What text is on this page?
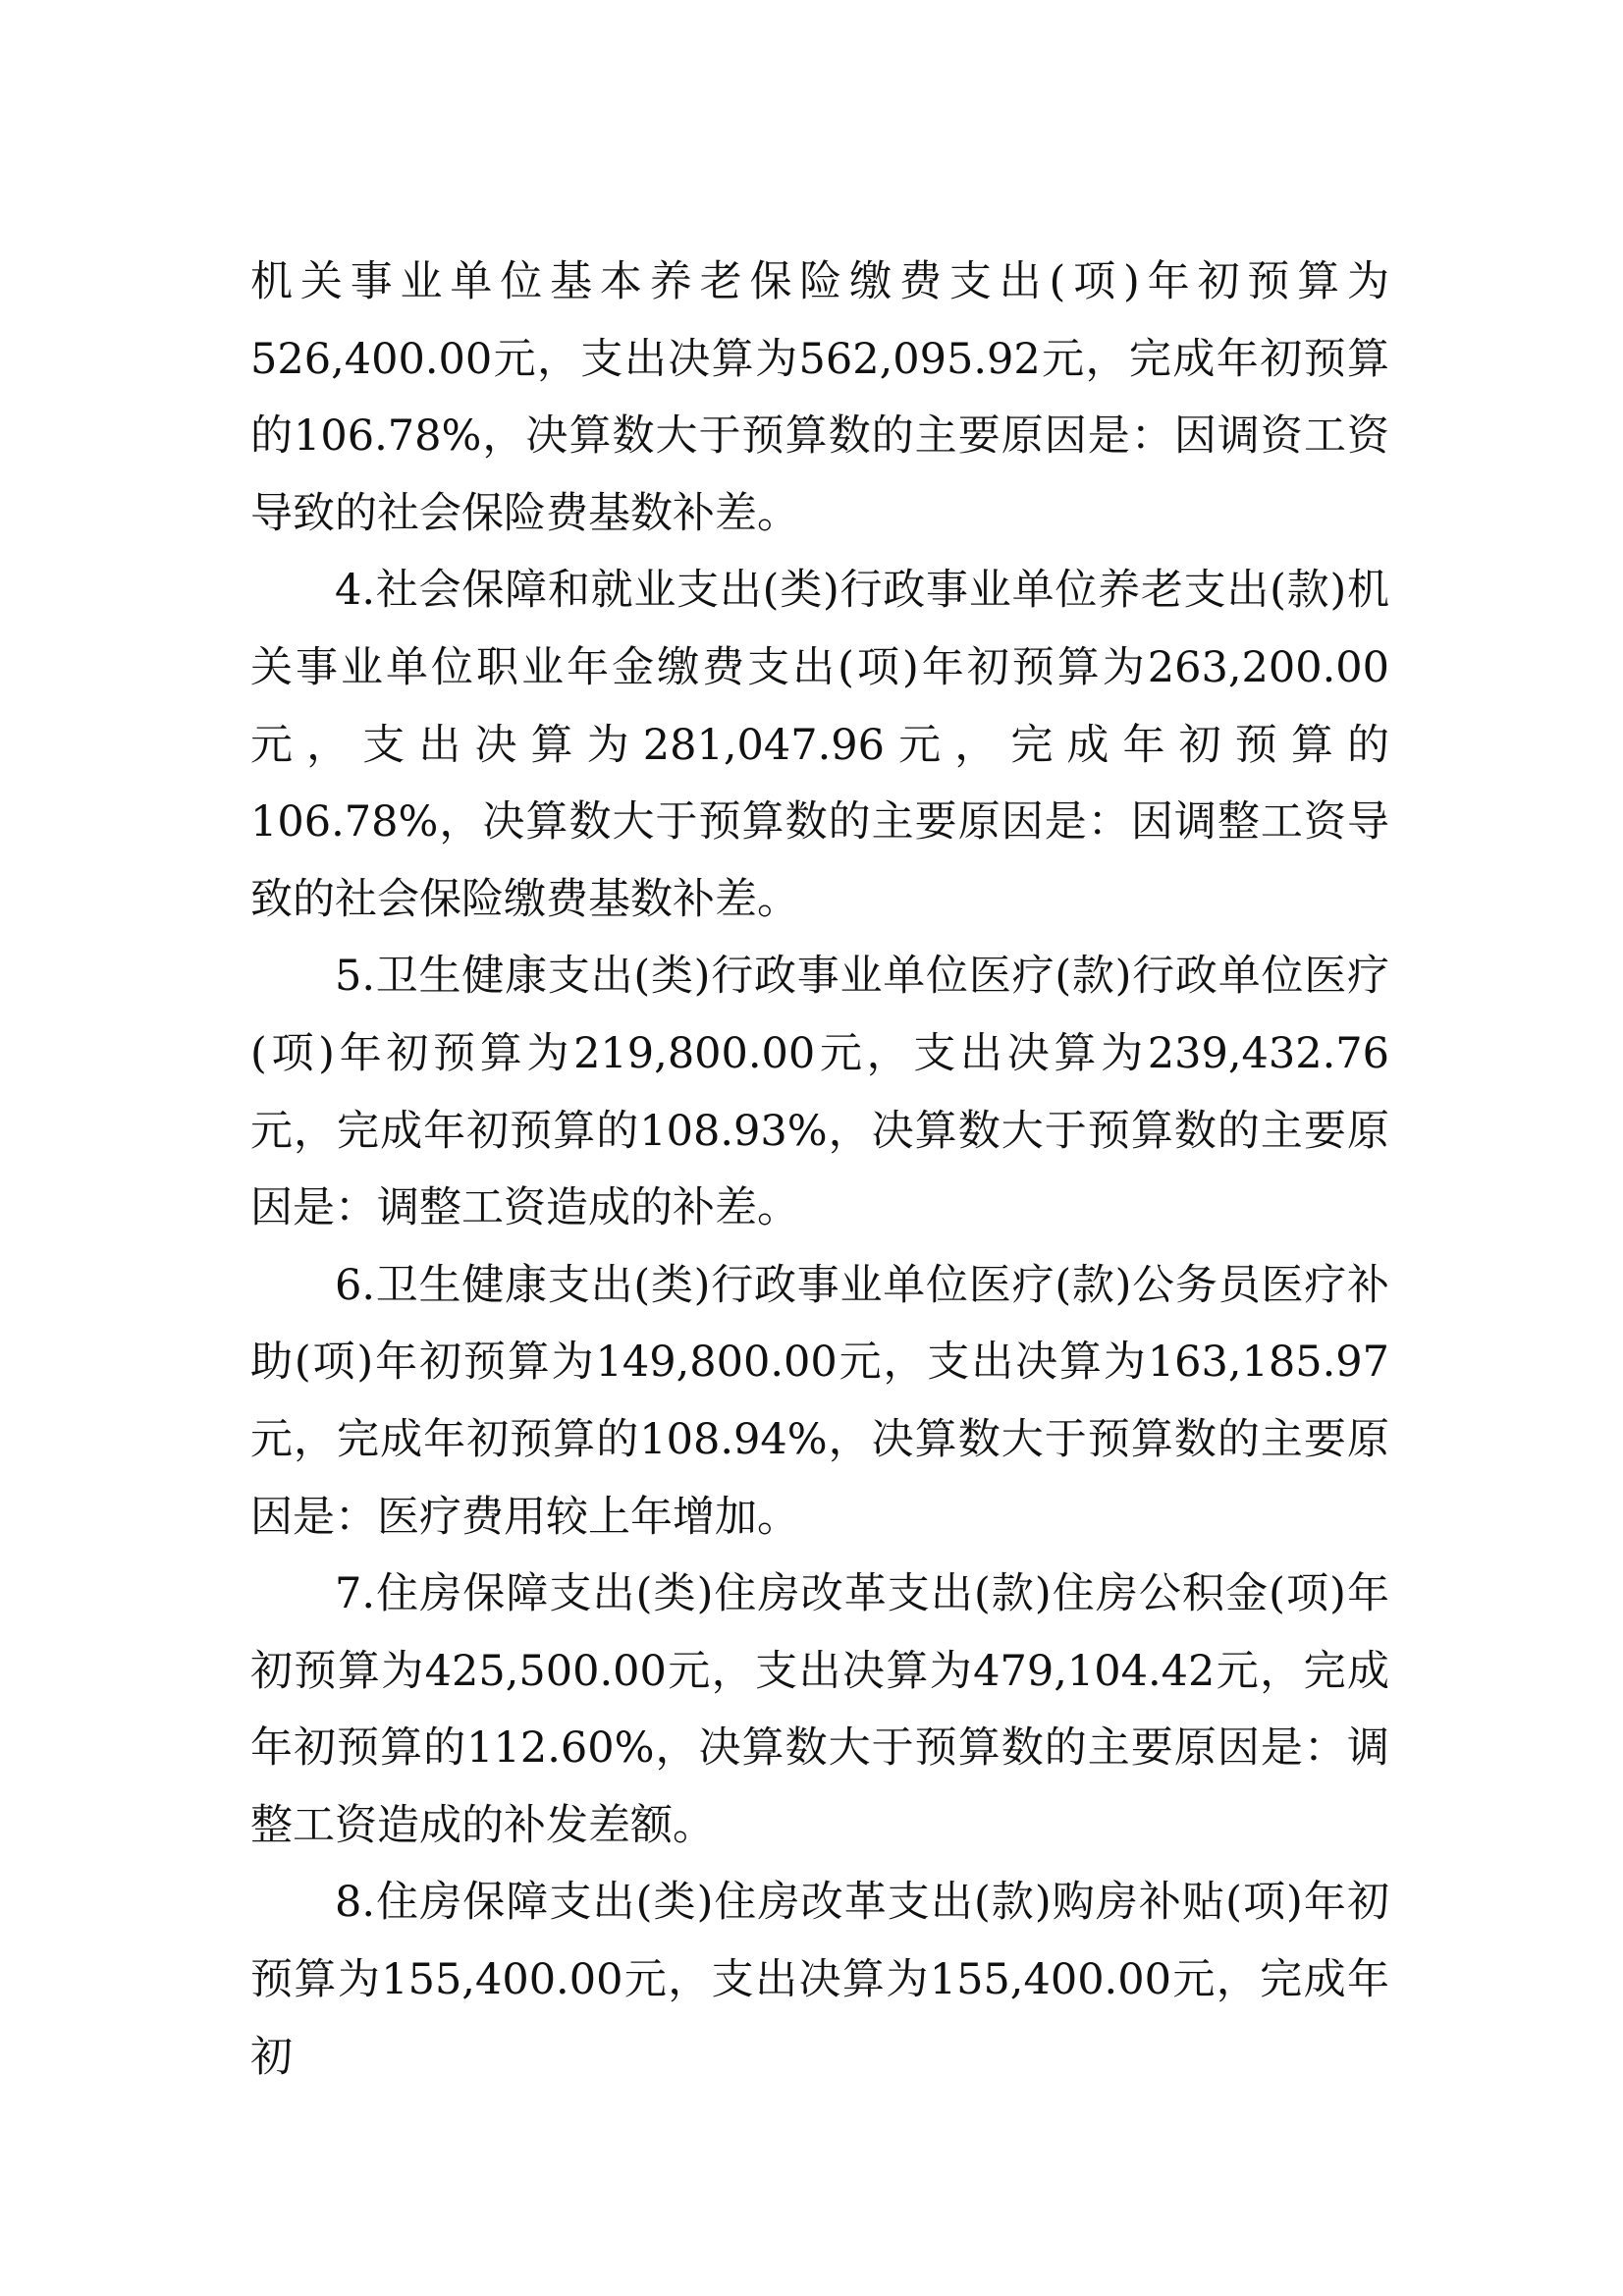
机关事业单位基本养老保险缴费支出(项)年初预算为526,400.00元，支出决算为562,095.92元，完成年初预算的106.78%，决算数大于预算数的主要原因是：因调资工资导致的社会保险费基数补差。

4.社会保障和就业支出(类)行政事业单位养老支出(款)机关事业单位职业年金缴费支出(项)年初预算为263,200.00元，支出决算为281,047.96元，完成年初预算的106.78%，决算数大于预算数的主要原因是：因调整工资导致的社会保险缴费基数补差。

5.卫生健康支出(类)行政事业单位医疗(款)行政单位医疗(项)年初预算为219,800.00元，支出决算为239,432.76元，完成年初预算的108.93%，决算数大于预算数的主要原因是：调整工资造成的补差。

6.卫生健康支出(类)行政事业单位医疗(款)公务员医疗补助(项)年初预算为149,800.00元，支出决算为163,185.97元，完成年初预算的108.94%，决算数大于预算数的主要原因是：医疗费用较上年增加。

7.住房保障支出(类)住房改革支出(款)住房公积金(项)年初预算为425,500.00元，支出决算为479,104.42元，完成年初预算的112.60%，决算数大于预算数的主要原因是：调整工资造成的补发差额。

8.住房保障支出(类)住房改革支出(款)购房补贴(项)年初预算为155,400.00元，支出决算为155,400.00元，完成年初
